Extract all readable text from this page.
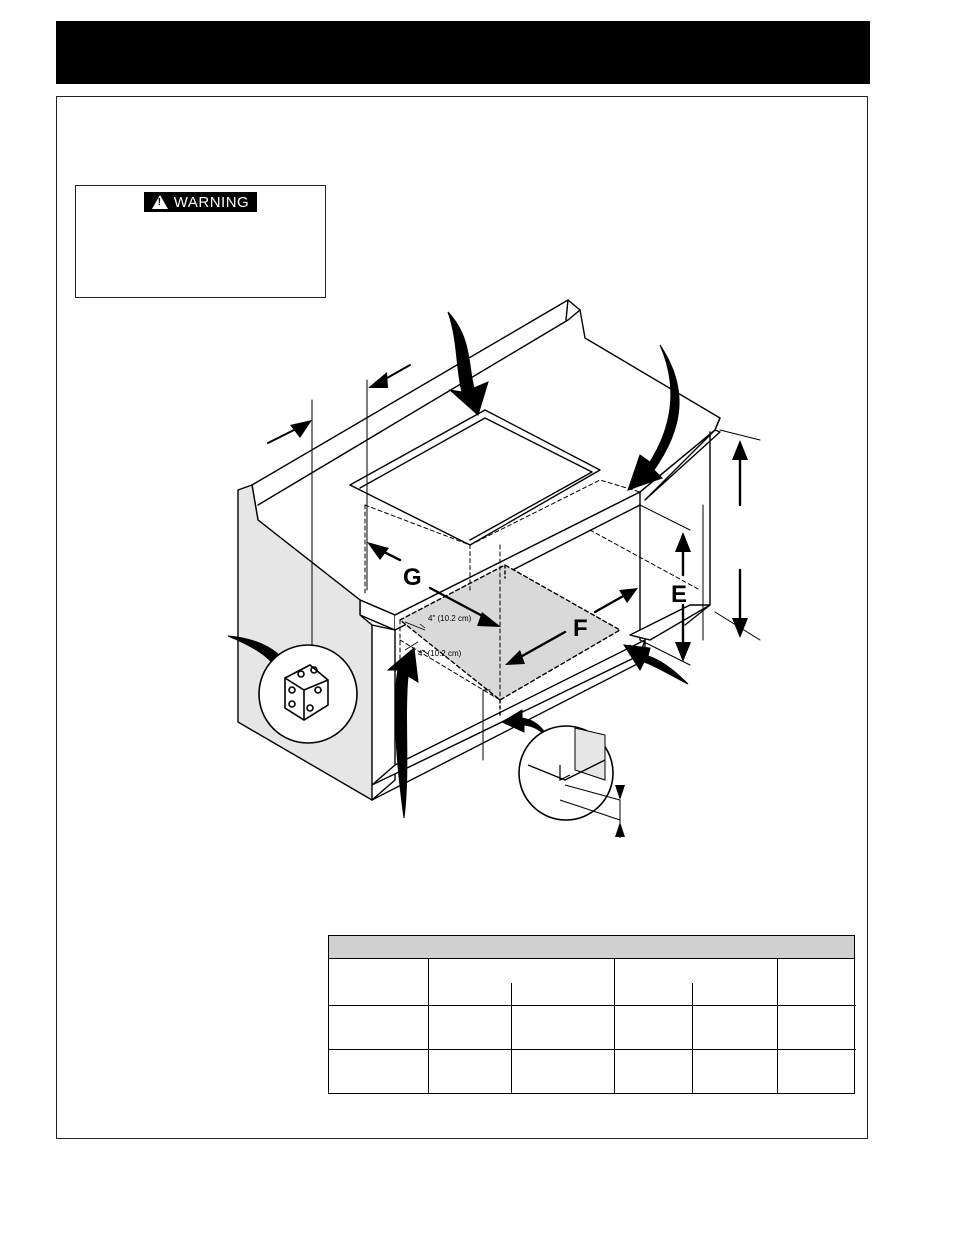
!
WARNING
G
E
F
4" (10.2 cm)
4" (10.2 cm)
